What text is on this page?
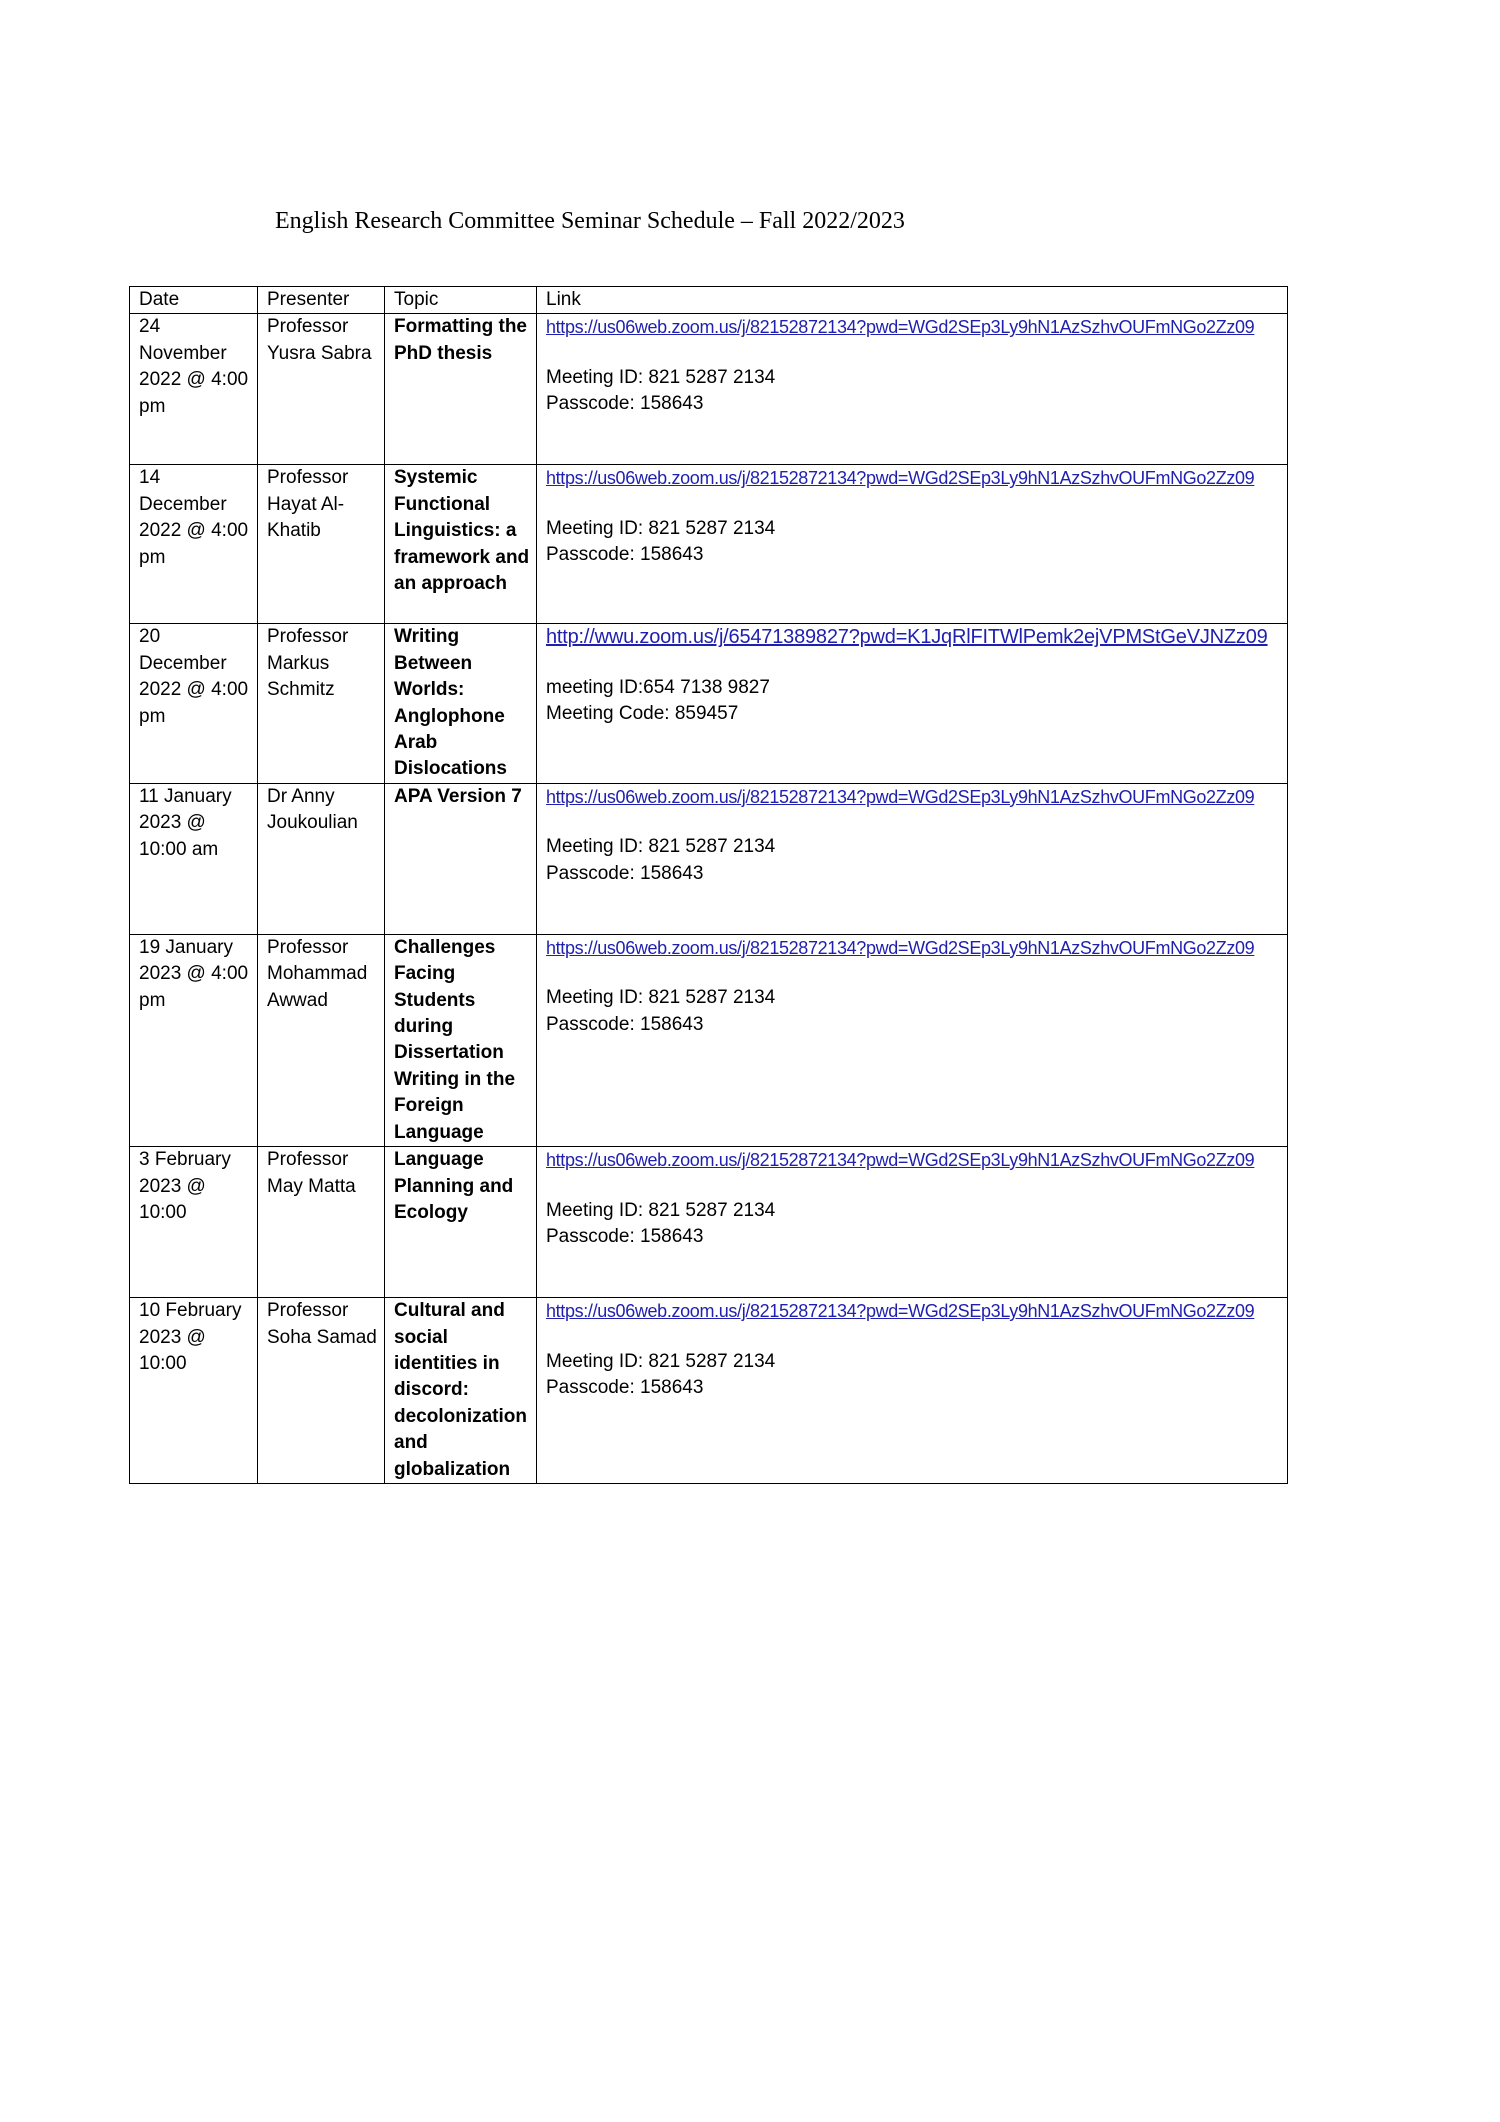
English Research Committee Seminar Schedule – Fall 2022/2023
Date	Presenter	Topic	Link

24 November 2022 @ 4:00 pm	Professor Yusra Sabra	Formatting the PhD thesis	https://us06web.zoom.us/j/82152872134?pwd=WGd2SEp3Ly9hN1AzSzhvOUFmNGo2Zz09
Meeting ID: 821 5287 2134
Passcode: 158643

14 December 2022 @ 4:00 pm	Professor Hayat Al-Khatib	Systemic Functional Linguistics: a framework and an approach	https://us06web.zoom.us/j/82152872134?pwd=WGd2SEp3Ly9hN1AzSzhvOUFmNGo2Zz09
Meeting ID: 821 5287 2134
Passcode: 158643

20 December 2022 @ 4:00 pm	Professor Markus Schmitz	Writing Between Worlds: Anglophone Arab Dislocations	http://wwu.zoom.us/j/65471389827?pwd=K1JqRlFITWlPemk2ejVPMStGeVJNZz09
meeting ID:654 7138 9827
Meeting Code: 859457

11 January 2023 @ 10:00 am	Dr Anny Joukoulian	APA Version 7	https://us06web.zoom.us/j/82152872134?pwd=WGd2SEp3Ly9hN1AzSzhvOUFmNGo2Zz09
Meeting ID: 821 5287 2134
Passcode: 158643

19 January 2023 @ 4:00 pm	Professor Mohammad Awwad	Challenges Facing Students during Dissertation Writing in the Foreign Language	https://us06web.zoom.us/j/82152872134?pwd=WGd2SEp3Ly9hN1AzSzhvOUFmNGo2Zz09
Meeting ID: 821 5287 2134
Passcode: 158643

3 February 2023 @ 10:00	Professor May Matta	Language Planning and Ecology	https://us06web.zoom.us/j/82152872134?pwd=WGd2SEp3Ly9hN1AzSzhvOUFmNGo2Zz09
Meeting ID: 821 5287 2134
Passcode: 158643

10 February 2023 @ 10:00	Professor Soha Samad	Cultural and social identities in discord: decolonization and globalization	https://us06web.zoom.us/j/82152872134?pwd=WGd2SEp3Ly9hN1AzSzhvOUFmNGo2Zz09
Meeting ID: 821 5287 2134
Passcode: 158643
